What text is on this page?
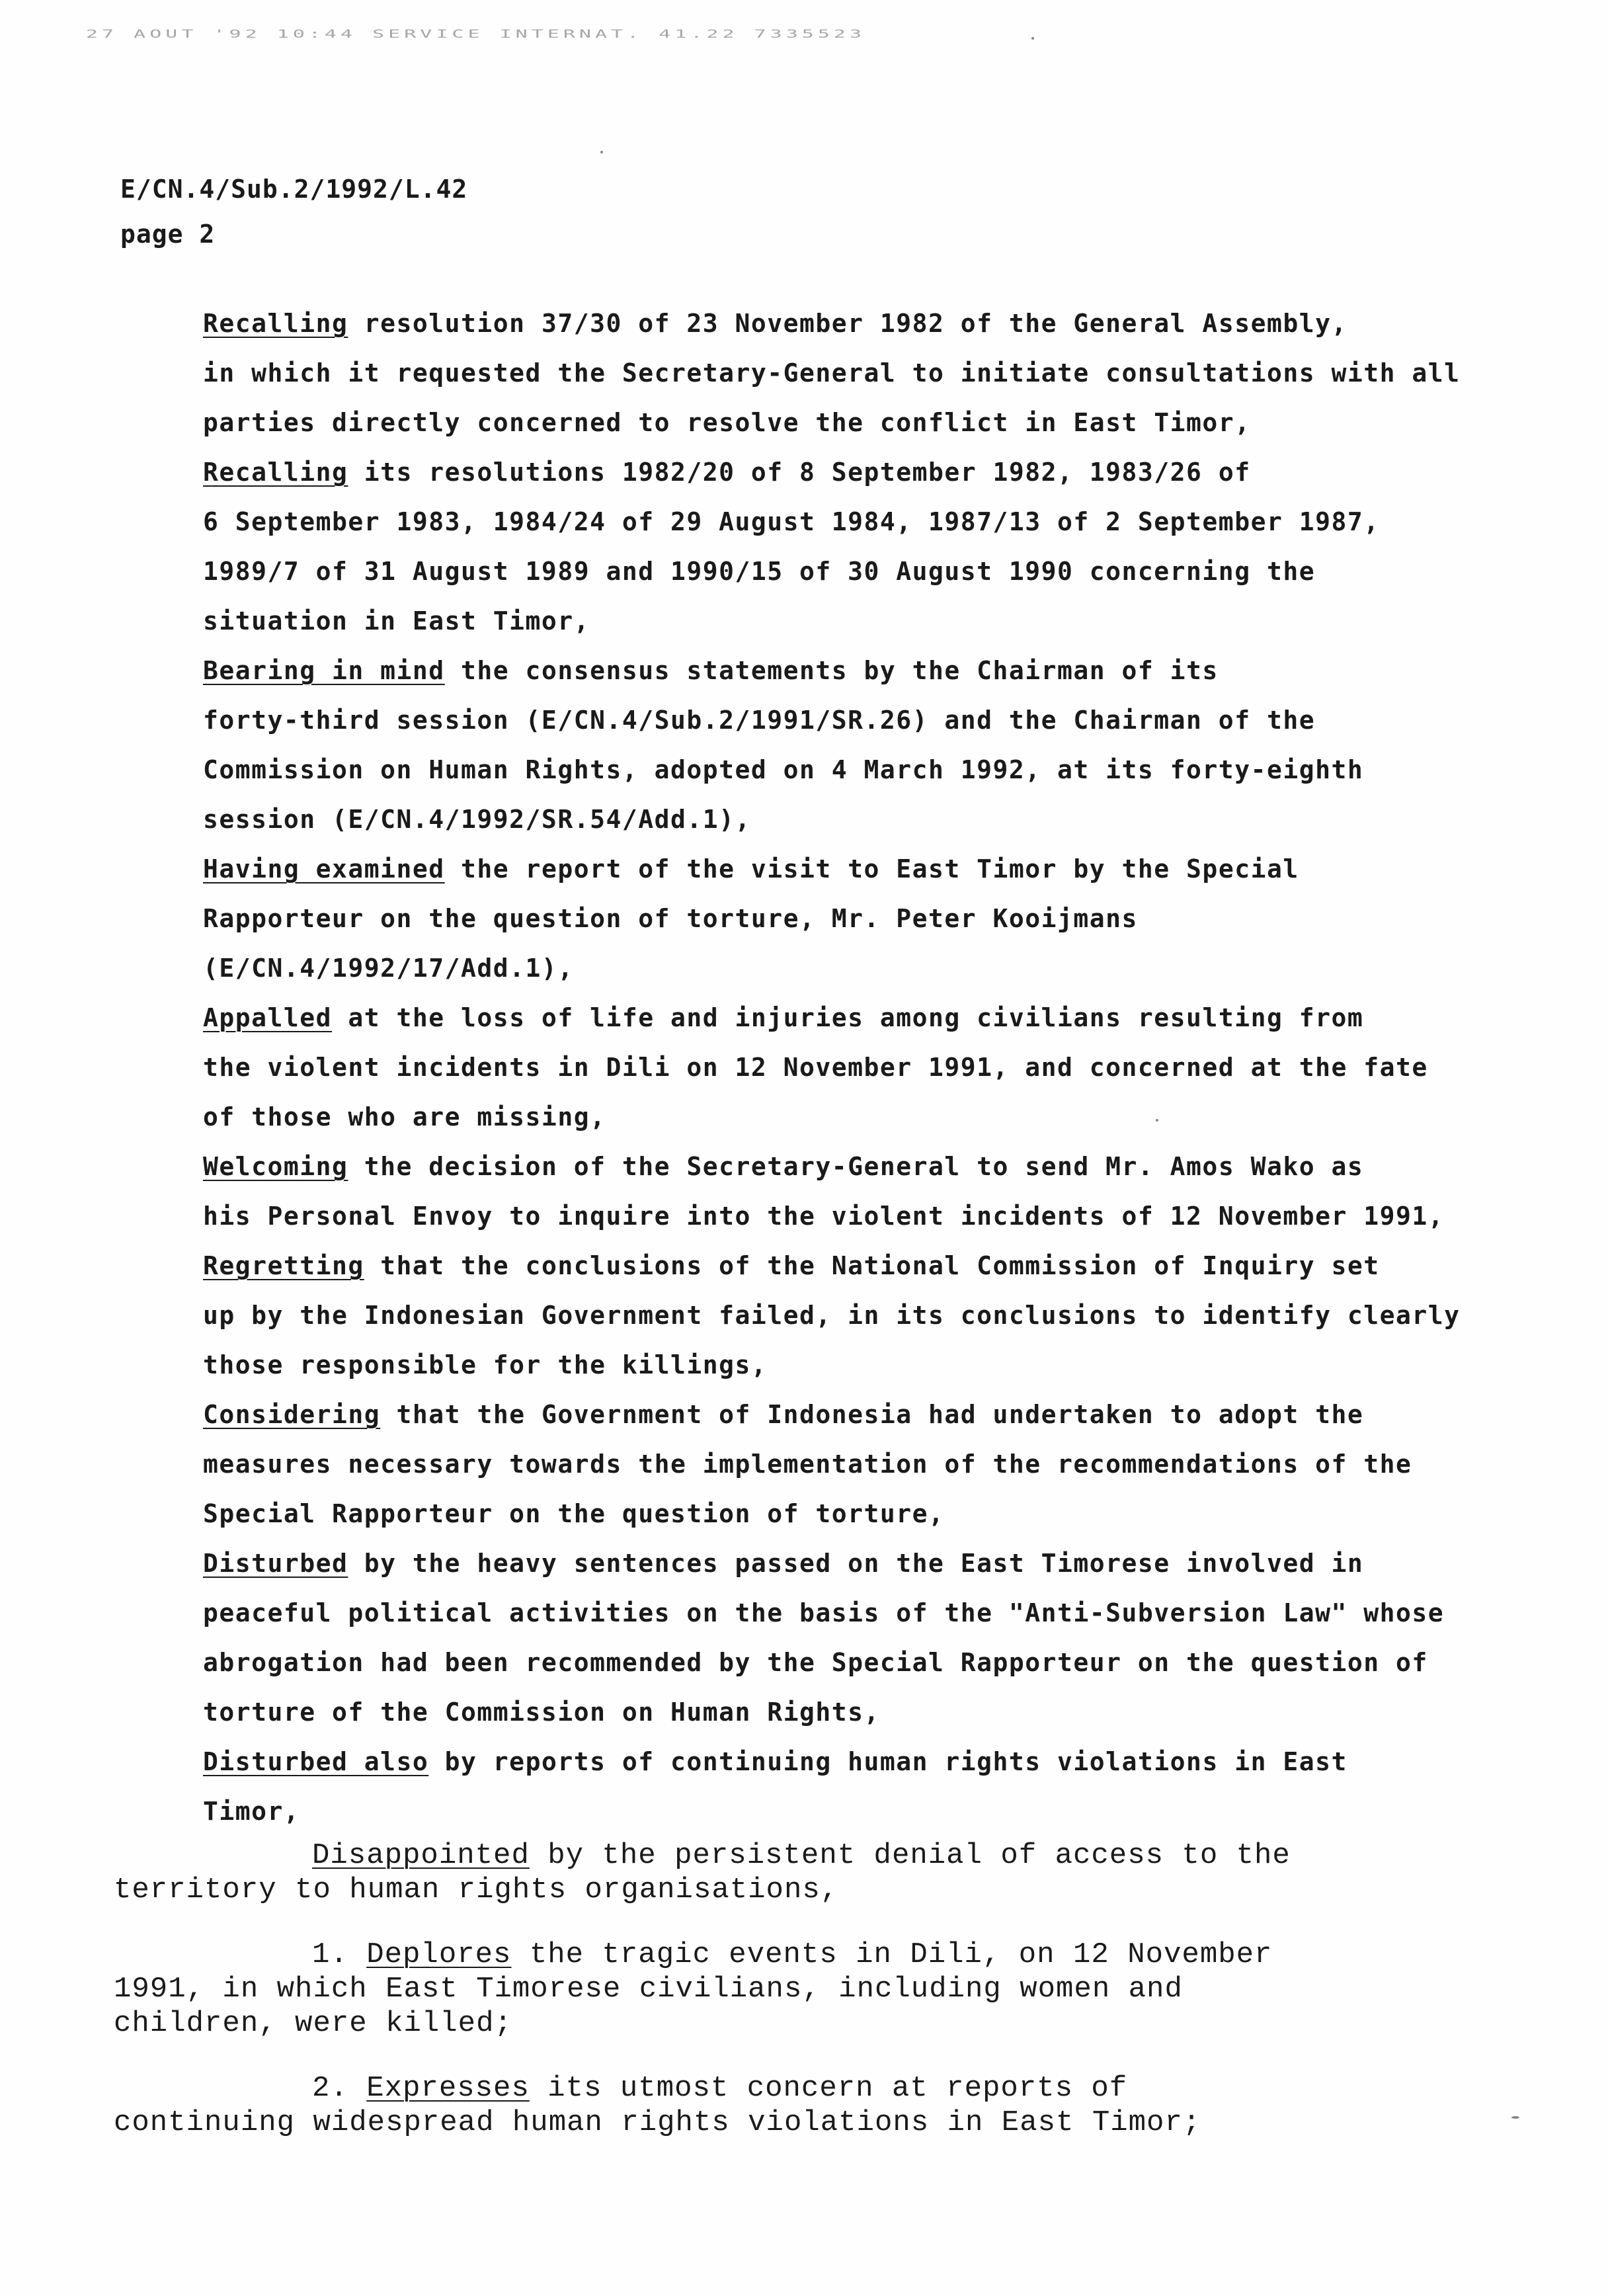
27 AOUT '92 10:44 SERVICE INTERNAT. 41.22 7335523
E/CN.4/Sub.2/1992/L.42
page 2
Recalling resolution 37/30 of 23 November 1982 of the General Assembly,
in which it requested the Secretary-General to initiate consultations with all
parties directly concerned to resolve the conflict in East Timor,
Recalling its resolutions 1982/20 of 8 September 1982, 1983/26 of
6 September 1983, 1984/24 of 29 August 1984, 1987/13 of 2 September 1987,
1989/7 of 31 August 1989 and 1990/15 of 30 August 1990 concerning the
situation in East Timor,
Bearing in mind the consensus statements by the Chairman of its
forty-third session (E/CN.4/Sub.2/1991/SR.26) and the Chairman of the
Commission on Human Rights, adopted on 4 March 1992, at its forty-eighth
session (E/CN.4/1992/SR.54/Add.1),
Having examined the report of the visit to East Timor by the Special
Rapporteur on the question of torture, Mr. Peter Kooijmans
(E/CN.4/1992/17/Add.1),
Appalled at the loss of life and injuries among civilians resulting from
the violent incidents in Dili on 12 November 1991, and concerned at the fate
of those who are missing,
Welcoming the decision of the Secretary-General to send Mr. Amos Wako as
his Personal Envoy to inquire into the violent incidents of 12 November 1991,
Regretting that the conclusions of the National Commission of Inquiry set
up by the Indonesian Government failed, in its conclusions to identify clearly
those responsible for the killings,
Considering that the Government of Indonesia had undertaken to adopt the
measures necessary towards the implementation of the recommendations of the
Special Rapporteur on the question of torture,
Disturbed by the heavy sentences passed on the East Timorese involved in
peaceful political activities on the basis of the "Anti-Subversion Law" whose
abrogation had been recommended by the Special Rapporteur on the question of
torture of the Commission on Human Rights,
Disturbed also by reports of continuing human rights violations in East
Timor,
Disappointed by the persistent denial of access to the
territory to human rights organisations,
1. Deplores the tragic events in Dili, on 12 November
1991, in which East Timorese civilians, including women and
children, were killed;
2. Expresses its utmost concern at reports of
continuing widespread human rights violations in East Timor;
